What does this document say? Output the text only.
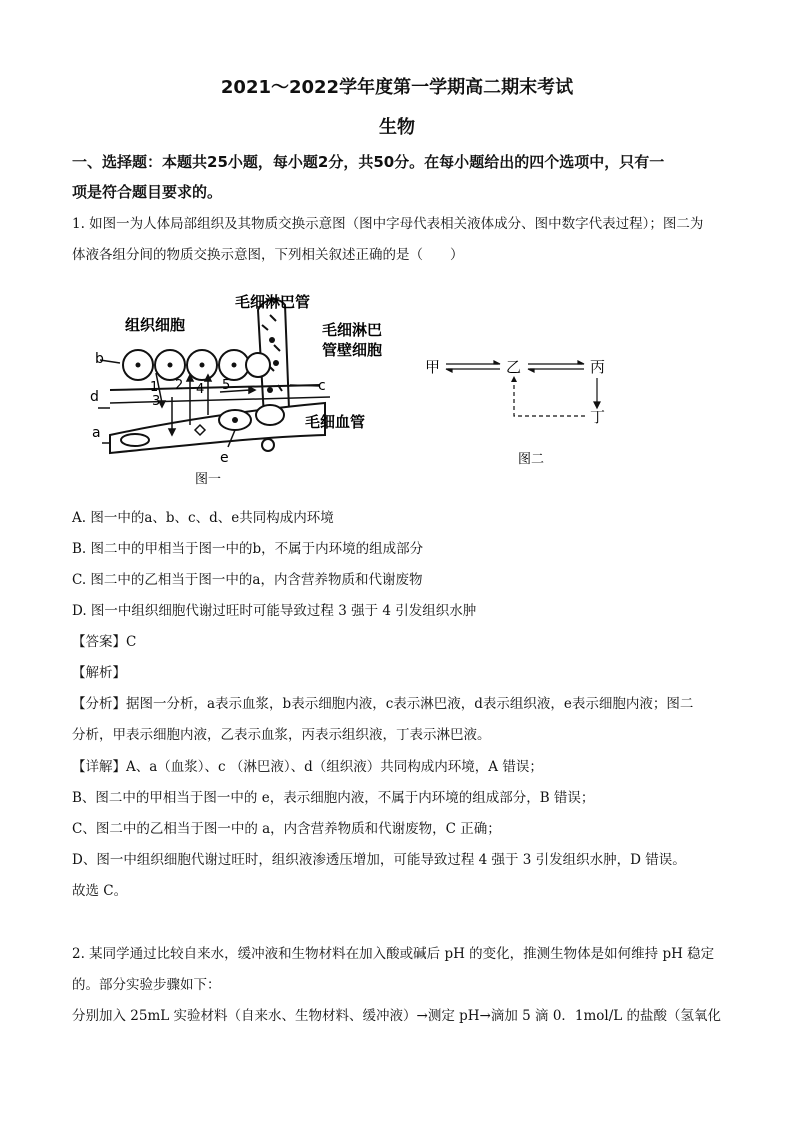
2021～2022学年度第一学期高二期末考试
生物
一、选择题：本题共25小题，每小题2分，共50分。在每小题给出的四个选项中，只有一
项是符合题目要求的。
1. 如图一为人体局部组织及其物质交换示意图（图中字母代表相关液体成分、图中数字代表过程）；图二为
体液各组分间的物质交换示意图，下列相关叙述正确的是（　　）
组织细胞
毛细淋巴管
毛细淋巴
管壁细胞
毛细血管
b
d
a
c
e
1 2
3
4 5
图一
甲	乙	丙
丁
图二
A. 图一中的a、b、c、d、e共同构成内环境
B. 图二中的甲相当于图一中的b，不属于内环境的组成部分
C. 图二中的乙相当于图一中的a，内含营养物质和代谢废物
D. 图一中组织细胞代谢过旺时可能导致过程 3 强于 4 引发组织水肿
【答案】C
【解析】
【分析】据图一分析，a表示血浆，b表示细胞内液，c表示淋巴液，d表示组织液，e表示细胞内液；图二
分析，甲表示细胞内液，乙表示血浆，丙表示组织液，丁表示淋巴液。
【详解】A、a（血浆）、c （淋巴液）、d（组织液）共同构成内环境，A 错误；
B、图二中的甲相当于图一中的 e，表示细胞内液，不属于内环境的组成部分，B 错误；
C、图二中的乙相当于图一中的 a，内含营养物质和代谢废物，C 正确；
D、图一中组织细胞代谢过旺时，组织液渗透压增加，可能导致过程 4 强于 3 引发组织水肿，D 错误。
故选 C。
2. 某同学通过比较自来水，缓冲液和生物材料在加入酸或碱后 pH 的变化，推测生物体是如何维持 pH 稳定
的。部分实验步骤如下：
分别加入 25mL 实验材料（自来水、生物材料、缓冲液）→测定 pH→滴加 5 滴 0．1mol/L 的盐酸（氢氧化
